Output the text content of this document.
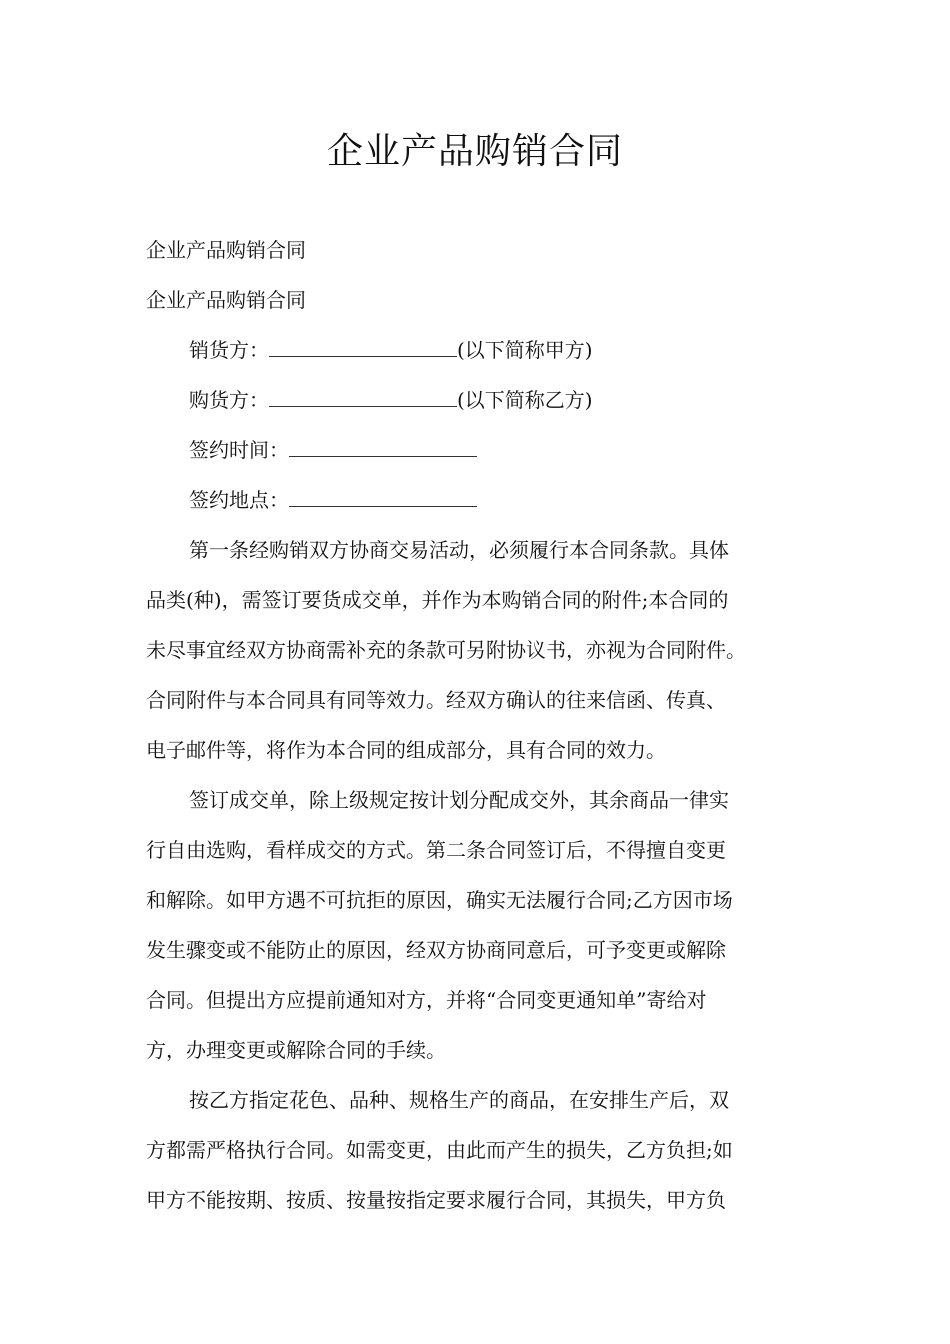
企业产品购销合同
企业产品购销合同
企业产品购销合同
销货方：	(以下简称甲方)
购货方：	(以下简称乙方)
签约时间：
签约地点：
第一条经购销双方协商交易活动，必须履行本合同条款。具体
品类(种)，需签订要货成交单，并作为本购销合同的附件;本合同的
未尽事宜经双方协商需补充的条款可另附协议书，亦视为合同附件。
合同附件与本合同具有同等效力。经双方确认的往来信函、传真、
电子邮件等，将作为本合同的组成部分，具有合同的效力。
签订成交单，除上级规定按计划分配成交外，其余商品一律实
行自由选购，看样成交的方式。第二条合同签订后，不得擅自变更
和解除。如甲方遇不可抗拒的原因，确实无法履行合同;乙方因市场
发生骤变或不能防止的原因，经双方协商同意后，可予变更或解除
合同。但提出方应提前通知对方，并将“合同变更通知单”寄给对
方，办理变更或解除合同的手续。
按乙方指定花色、品种、规格生产的商品，在安排生产后，双
方都需严格执行合同。如需变更，由此而产生的损失，乙方负担;如
甲方不能按期、按质、按量按指定要求履行合同，其损失，甲方负
